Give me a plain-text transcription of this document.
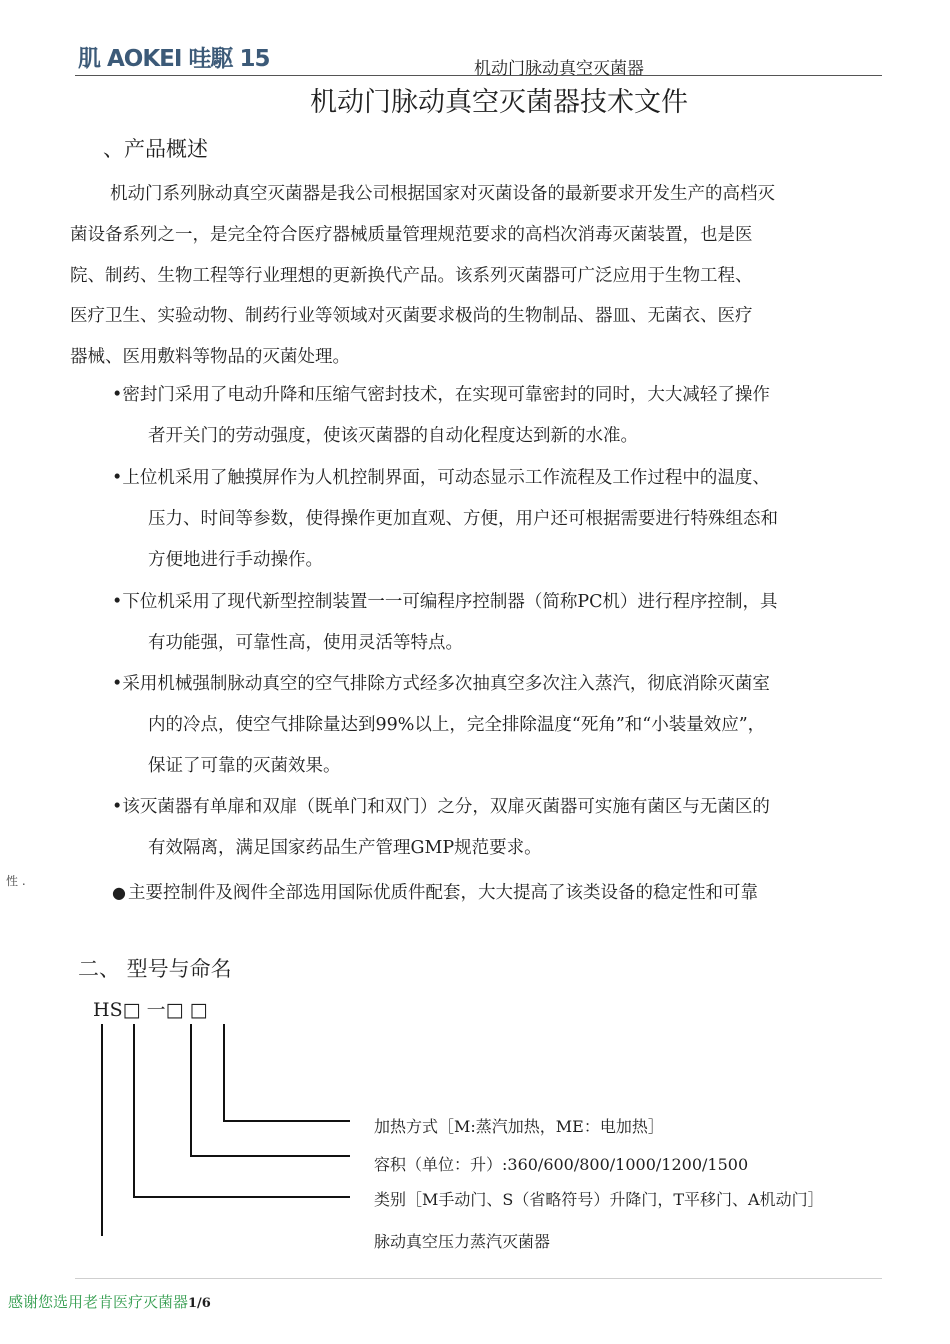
肌 AOKEI 哇駆 15	机动门脉动真空灭菌器
机动门脉动真空灭菌器技术文件
、产品概述
机动门系列脉动真空灭菌器是我公司根据国家对灭菌设备的最新要求开发生产的高档灭
菌设备系列之一，是完全符合医疗器械质量管理规范要求的高档次消毒灭菌装置，也是医
院、制药、生物工程等行业理想的更新换代产品。该系列灭菌器可广泛应用于生物工程、
医疗卫生、实验动物、制药行业等领域对灭菌要求极尚的生物制品、器皿、无菌衣、医疗
器械、医用敷料等物品的灭菌处理。
•密封门采用了电动升降和压缩气密封技术，在实现可靠密封的同时，大大减轻了操作
者开关门的劳动强度，使该灭菌器的自动化程度达到新的水准。
•上位机采用了触摸屏作为人机控制界面，可动态显示工作流程及工作过程中的温度、
压力、时间等参数，使得操作更加直观、方便，用户还可根据需要进行特殊组态和
方便地进行手动操作。
•下位机采用了现代新型控制装置一一可编程序控制器（简称PC机）进行程序控制，具
有功能强，可靠性高，使用灵活等特点。
•采用机械强制脉动真空的空气排除方式经多次抽真空多次注入蒸汽，彻底消除灭菌室
内的冷点，使空气排除量达到99%以上，完全排除温度“死角”和“小装量效应”，
保证了可靠的灭菌效果。
•该灭菌器有单扉和双扉（既单门和双门）之分，双扉灭菌器可实施有菌区与无菌区的
有效隔离，满足国家药品生产管理GMP规范要求。
● 主要控制件及阀件全部选用国际优质件配套，大大提高了该类设备的稳定性和可靠
性 .
二、 型号与命名
HS□ 一□ □
加热方式［M:蒸汽加热，ME：电加热］
容积（单位：升）:360/600/800/1000/1200/1500
类别［M手动门、S（省略符号）升降门，T平移门、A机动门］
脉动真空压力蒸汽灭菌器
感谢您选用老肯医疗灭菌器1/6
